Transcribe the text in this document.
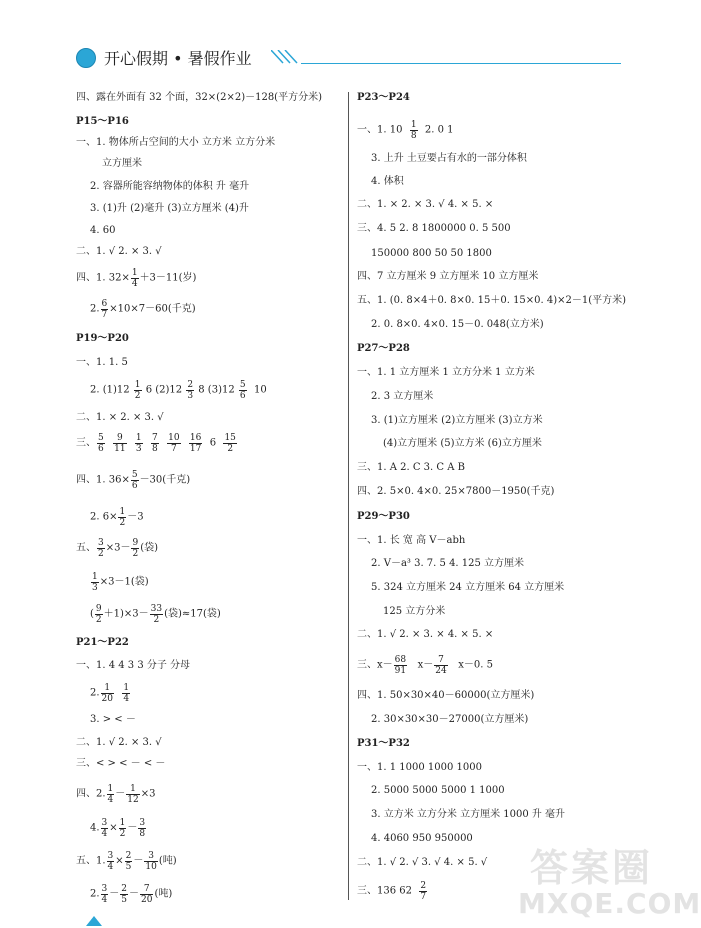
开心假期 • 暑假作业
四、露在外面有 32 个面，32×(2×2)－128(平方分米)
P15～P16
一、1. 物体所占空间的大小 立方米 立方分米
立方厘米
2. 容器所能容纳物体的体积 升 毫升
3. (1)升 (2)毫升 (3)立方厘米 (4)升
4. 60
二、1. √ 2. × 3. √
四、1. $32\times \frac{1}{4} +3-11$(岁)
2. $\frac{6}{7} \times 10\times 7-60$(千克)
P19～P20
一、1. 1. 5
2. $(1)12 \frac{1}{2} 6$ $(2)12 \frac{2}{3} 8$ $(3)12 \frac{5}{6} 10$
二、1. × 2. × 3. √
三、 $\frac{5}{6}$
$\frac{9}{11}$
$\frac{1}{3}$
$\frac{7}{8}$
$\frac{10}{7}$
$\frac{16}{17} 6 \frac{15}{2}$
四、1. $36\times \frac{5}{6} -30$(千克)
2. $6\times \frac{1}{2} -3$
五、 $\frac{3}{2} \times 3- \frac{9}{2}$ (袋)
$\frac{1}{3} \times 3-1$(袋)
( $\frac{9}{2} +1)\times 3- \frac{33}{2}$ (袋)≈17(袋)
P21～P22
一、1. 4 4 3 3 分子 分母
2. $\frac{1}{20}$
$\frac{1}{4}$
3. > < －
二、1. √ 2. × 3. √
三、< > < － < －
四、2. $\frac{1}{4} - \frac{1}{12} \times 3$
4. $\frac{3}{4} \times \frac{1}{2} - \frac{3}{8}$
五、1. $\frac{3}{4} \times \frac{2}{5} - \frac{3}{10}$ (吨)
2. $\frac{3}{4} - \frac{2}{5} - \frac{7}{20}$ (吨)
P23～P24
一、1. $10 \frac{1}{8} 2$. 0 1
3. 上升 土豆要占有水的一部分体积
4. 体积
二、1. × 2. × 3. √ 4. × 5. ×
三、4. 5 2. 8 1800000 0. 5 500
150000 800 50 50 1800
四、7 立方厘米 9 立方厘米 10 立方厘米
五、1. (0. 8×4＋0. 8×0. 15＋0. 15×0. 4)×2－1(平方米)
2. 0. 8×0. 4×0. 15－0. 048(立方米)
P27～P28
一、1. 1 立方厘米 1 立方分米 1 立方米
2. 3 立方厘米
3. (1)立方厘米 (2)立方厘米 (3)立方米
(4)立方厘米 (5)立方米 (6)立方厘米
三、1. A 2. C 3. C A B
四、2. 5×0. 4×0. 25×7800－1950(千克)
P29～P30
一、1. 长 宽 高 V－abh
2. V－a³ 3. 7. 5 4. 125 立方厘米
5. 324 立方厘米 24 立方厘米 64 立方厘米
125 立方分米
二、1. √ 2. × 3. × 4. × 5. ×
三、$x- \frac{68}{91} x- \frac{7}{24} x-0$. 5
四、1. 50×30×40－60000(立方厘米)
2. 30×30×30－27000(立方厘米)
P31～P32
一、1. 1 1000 1000 1000
2. 5000 5000 5000 1 1000
3. 立方米 立方分米 立方厘米 1000 升 毫升
4. 4060 950 950000
二、1. √ 2. √ 3. √ 4. × 5. √
三、136 $62 \frac{2}{7}$
答案圈
MXQE.COM
